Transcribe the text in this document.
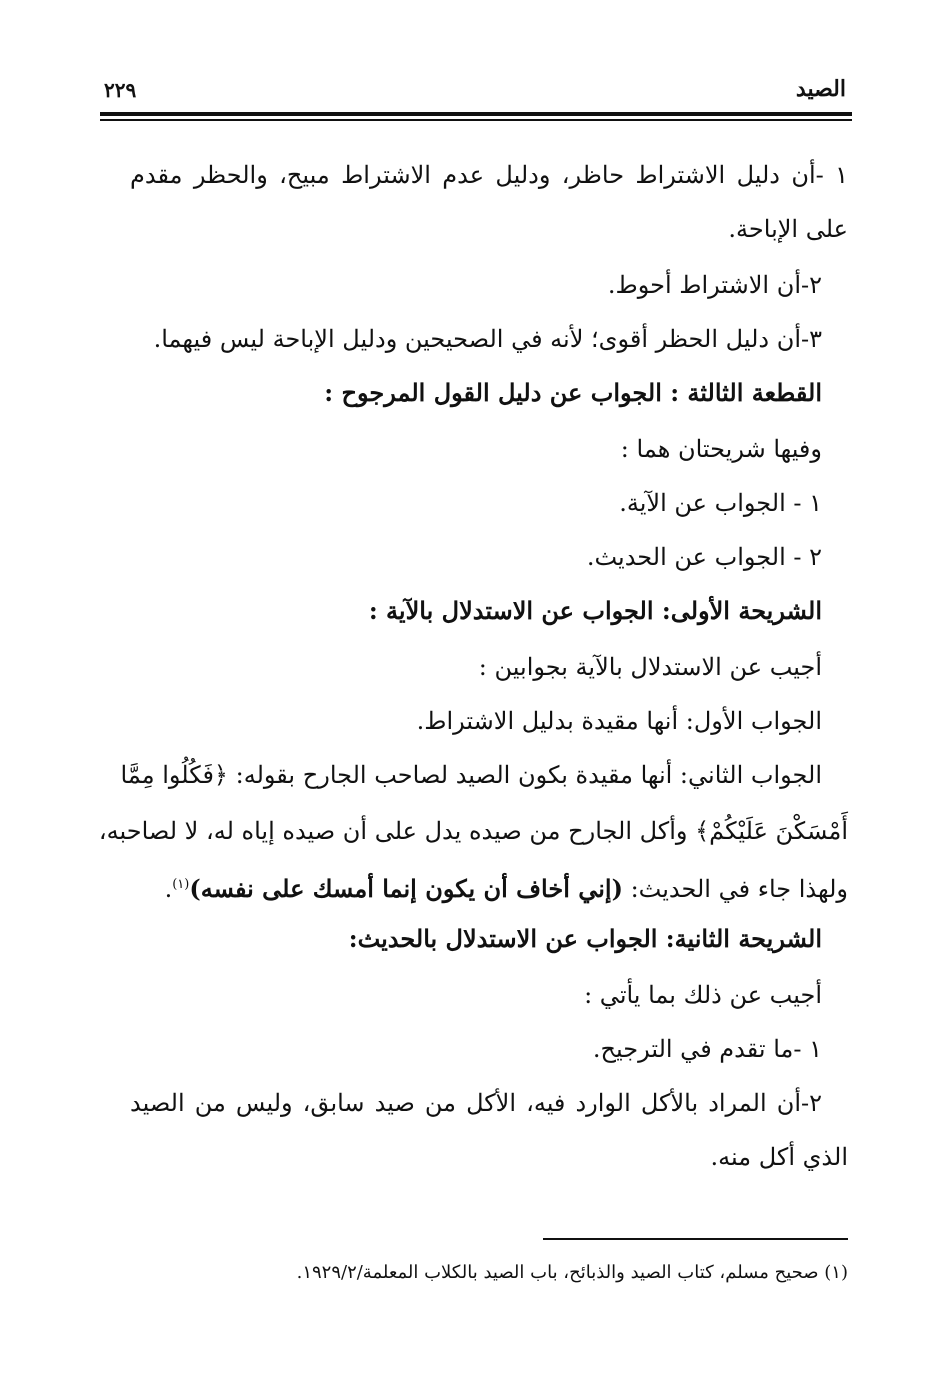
الصيد
٢٢٩
١ -أن دليل الاشتراط حاظر، ودليل عدم الاشتراط مبيح، والحظر مقدم
على الإباحة.
٢-أن الاشتراط أحوط.
٣-أن دليل الحظر أقوى؛ لأنه في الصحيحين ودليل الإباحة ليس فيهما.
القطعة الثالثة : الجواب عن دليل القول المرجوح :
وفيها شريحتان هما :
١ - الجواب عن الآية.
٢ - الجواب عن الحديث.
الشريحة الأولى: الجواب عن الاستدلال بالآية :
أجيب عن الاستدلال بالآية بجوابين :
الجواب الأول: أنها مقيدة بدليل الاشتراط.
الجواب الثاني: أنها مقيدة بكون الصيد لصاحب الجارح بقوله: ﴿فَكُلُوا مِمَّا
أَمْسَكْنَ عَلَيْكُمْ﴾ وأكل الجارح من صيده يدل على أن صيده إياه له، لا لصاحبه،
ولهذا جاء في الحديث: (إني أخاف أن يكون إنما أمسك على نفسه)$^{(١)}$.
الشريحة الثانية: الجواب عن الاستدلال بالحديث:
أجيب عن ذلك بما يأتي :
١ -ما تقدم في الترجيح.
٢-أن المراد بالأكل الوارد فيه، الأكل من صيد سابق، وليس من الصيد
الذي أكل منه.
(١) صحيح مسلم، كتاب الصيد والذبائح، باب الصيد بالكلاب المعلمة/١٩٢٩/٢.
